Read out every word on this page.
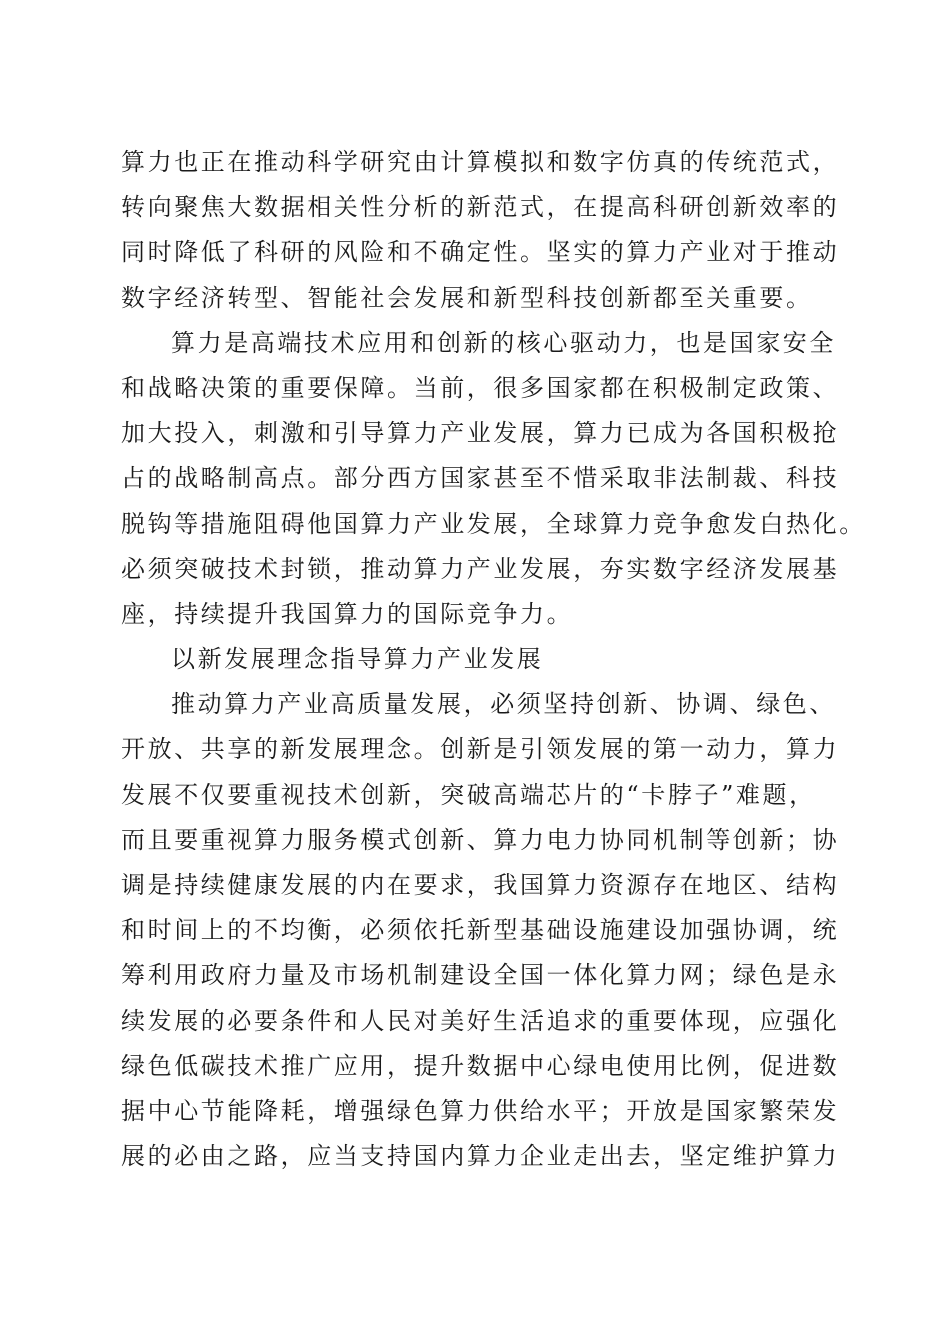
算力也正在推动科学研究由计算模拟和数字仿真的传统范式，
转向聚焦大数据相关性分析的新范式，在提高科研创新效率的
同时降低了科研的风险和不确定性。坚实的算力产业对于推动
数字经济转型、智能社会发展和新型科技创新都至关重要。
算力是高端技术应用和创新的核心驱动力，也是国家安全
和战略决策的重要保障。当前，很多国家都在积极制定政策、
加大投入，刺激和引导算力产业发展，算力已成为各国积极抢
占的战略制高点。部分西方国家甚至不惜采取非法制裁、科技
脱钩等措施阻碍他国算力产业发展，全球算力竞争愈发白热化。
必须突破技术封锁，推动算力产业发展，夯实数字经济发展基
座，持续提升我国算力的国际竞争力。
以新发展理念指导算力产业发展
推动算力产业高质量发展，必须坚持创新、协调、绿色、
开放、共享的新发展理念。创新是引领发展的第一动力，算力
发展不仅要重视技术创新，突破高端芯片的“卡脖子”难题，
而且要重视算力服务模式创新、算力电力协同机制等创新；协
调是持续健康发展的内在要求，我国算力资源存在地区、结构
和时间上的不均衡，必须依托新型基础设施建设加强协调，统
筹利用政府力量及市场机制建设全国一体化算力网；绿色是永
续发展的必要条件和人民对美好生活追求的重要体现，应强化
绿色低碳技术推广应用，提升数据中心绿电使用比例，促进数
据中心节能降耗，增强绿色算力供给水平；开放是国家繁荣发
展的必由之路，应当支持国内算力企业走出去，坚定维护算力
